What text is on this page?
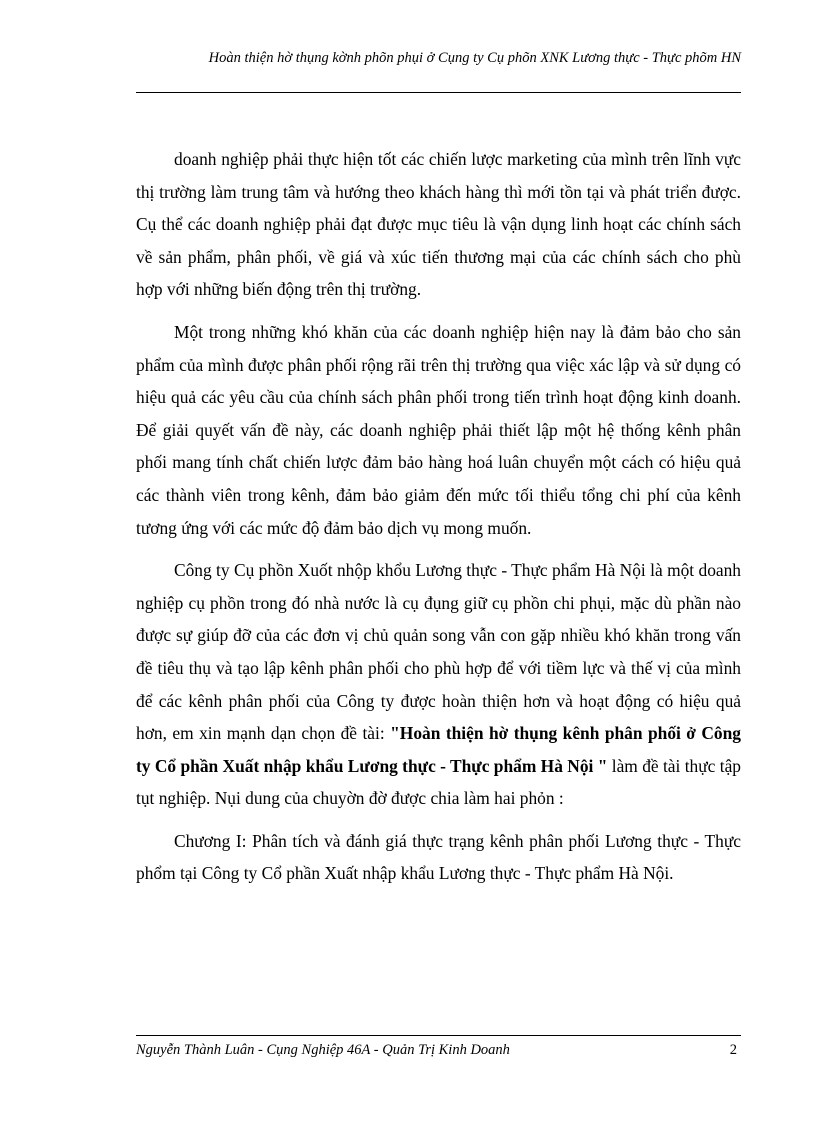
Hoàn thiện hờ thụng kờnh phõn phụi ở Cụng ty Cụ phõn XNK Lương thực - Thực phõm HN

doanh nghiệp phải thực hiện tốt các chiến lược marketing của mình trên lĩnh vực thị trường làm trung tâm và hướng theo khách hàng thì mới tồn tại và phát triển được. Cụ thể các doanh nghiệp phải đạt được mục tiêu là vận dụng linh hoạt các chính sách về sản phẩm, phân phối, về giá và xúc tiến thương mại của các chính sách cho phù hợp với những biến động trên thị trường.

Một trong những khó khăn của các doanh nghiệp hiện nay là đảm bảo cho sản phẩm của mình được phân phối rộng rãi trên thị trường qua việc xác lập và sử dụng có hiệu quả các yêu cầu của chính sách phân phối trong tiến trình hoạt động kinh doanh. Để giải quyết vấn đề này, các doanh nghiệp phải thiết lập một hệ thống kênh phân phối mang tính chất chiến lược đảm bảo hàng hoá luân chuyển một cách có hiệu quả các thành viên trong kênh, đảm bảo giảm đến mức tối thiểu tổng chi phí của kênh tương ứng với các mức độ đảm bảo dịch vụ mong muốn.

Công ty Cụ phồn Xuốt nhộp khổu Lương thực - Thực phẩm Hà Nội là một doanh nghiệp cụ phồn trong đó nhà nước là cụ đụng giữ cụ phồn chi phụi, mặc dù phần nào được sự giúp đỡ của các đơn vị chủ quản song vẫn con gặp nhiều khó khăn trong vấn đề tiêu thụ và tạo lập kênh phân phối cho phù hợp để với tiềm lực và thế vị của mình để các kênh phân phối của Công ty được hoàn thiện hơn và hoạt động có hiệu quả hơn, em xin mạnh dạn chọn đề tài: "Hoàn thiện hờ thụng kênh phân phối ở Công ty Cổ phần Xuất nhập khẩu Lương thực - Thực phẩm Hà Nội " làm đề tài thực tập tụt nghiệp. Nụi dung của chuyờn đờ được chia làm hai phỏn :

Chương I: Phân tích và đánh giá thực trạng kênh phân phối Lương thực - Thực phổm tại Công ty Cổ phần Xuất nhập khẩu Lương thực - Thực phẩm Hà Nội.

Nguyễn Thành Luân - Cụng Nghiệp 46A - Quản Trị Kinh Doanh	2
